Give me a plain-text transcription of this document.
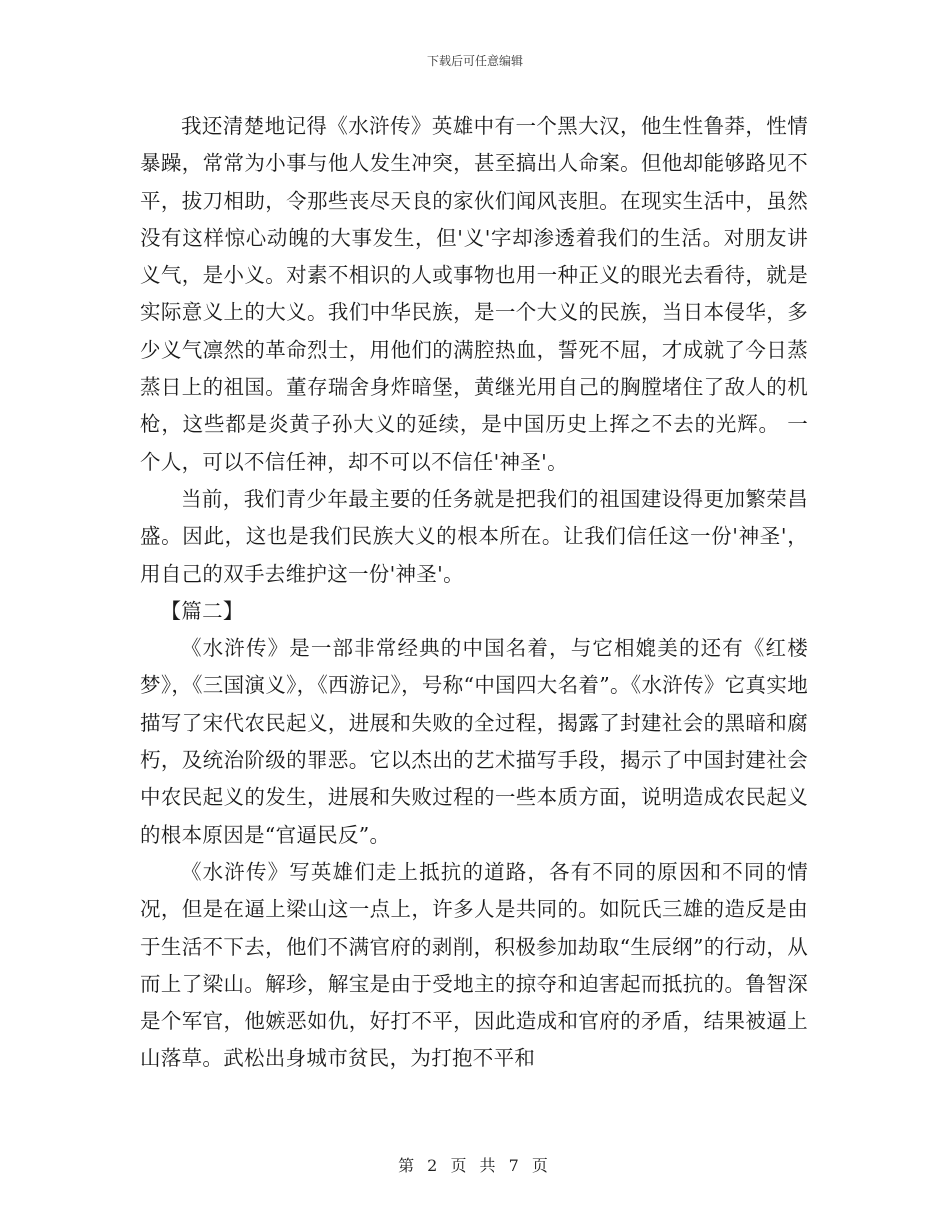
下载后可任意编辑

我还清楚地记得《水浒传》英雄中有一个黑大汉，他生性鲁莽，性情暴躁，常常为小事与他人发生冲突，甚至搞出人命案。但他却能够路见不平，拔刀相助，令那些丧尽天良的家伙们闻风丧胆。在现实生活中，虽然没有这样惊心动魄的大事发生，但'义'字却渗透着我们的生活。对朋友讲义气，是小义。对素不相识的人或事物也用一种正义的眼光去看待，就是实际意义上的大义。我们中华民族，是一个大义的民族，当日本侵华，多少义气凛然的革命烈士，用他们的满腔热血，誓死不屈，才成就了今日蒸蒸日上的祖国。董存瑞舍身炸暗堡，黄继光用自己的胸膛堵住了敌人的机枪，这些都是炎黄子孙大义的延续，是中国历史上挥之不去的光辉。 一个人，可以不信任神，却不可以不信任'神圣'。

当前，我们青少年最主要的任务就是把我们的祖国建设得更加繁荣昌盛。因此，这也是我们民族大义的根本所在。让我们信任这一份'神圣'，用自己的双手去维护这一份'神圣'。

【篇二】

《水浒传》是一部非常经典的中国名着，与它相媲美的还有《红楼梦》，《三国演义》，《西游记》，号称“中国四大名着”。《水浒传》它真实地描写了宋代农民起义，进展和失败的全过程，揭露了封建社会的黑暗和腐朽，及统治阶级的罪恶。它以杰出的艺术描写手段，揭示了中国封建社会中农民起义的发生，进展和失败过程的一些本质方面，说明造成农民起义的根本原因是“官逼民反”。

《水浒传》写英雄们走上抵抗的道路，各有不同的原因和不同的情况，但是在逼上梁山这一点上，许多人是共同的。如阮氏三雄的造反是由于生活不下去，他们不满官府的剥削，积极参加劫取“生辰纲”的行动，从而上了梁山。解珍，解宝是由于受地主的掠夺和迫害起而抵抗的。鲁智深是个军官，他嫉恶如仇，好打不平，因此造成和官府的矛盾，结果被逼上山落草。武松出身城市贫民，为打抱不平和

第 2 页 共 7 页
